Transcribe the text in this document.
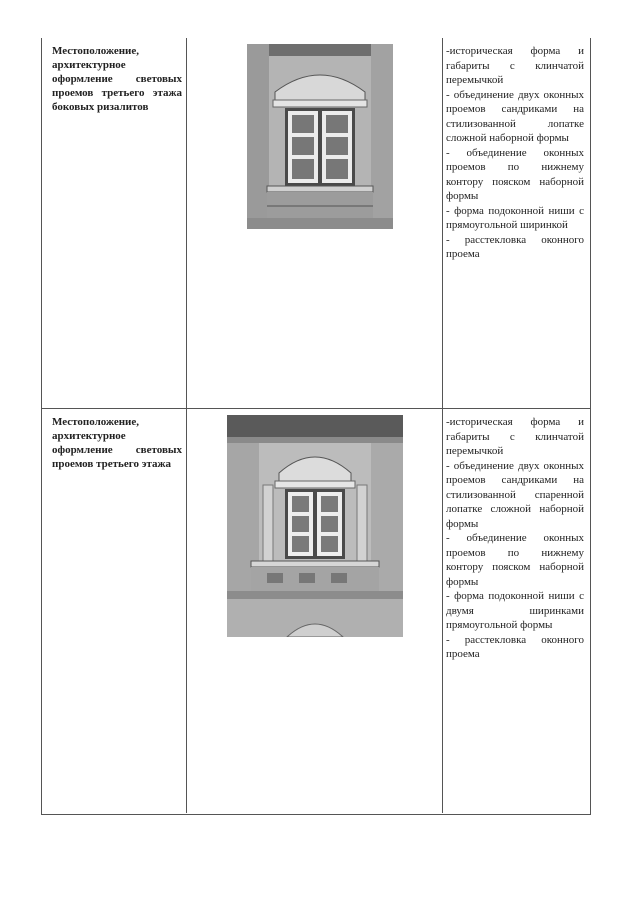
Местоположение, архитектурное оформление световых проемов третьего этажа боковых ризалитов

-историческая форма и габариты с клинчатой перемычкой

- объединение двух оконных проемов сандриками на стилизованной лопатке сложной наборной формы

- объединение оконных проемов по нижнему контору пояском наборной формы

- форма подоконной ниши с прямоугольной ширинкой

- расстекловка оконного проема

Местоположение, архитектурное оформление световых проемов третьего этажа

-историческая форма и габариты с клинчатой перемычкой

- объединение двух оконных проемов сандриками на стилизованной спаренной лопатке сложной наборной формы

- объединение оконных проемов по нижнему контору пояском наборной формы

- форма подоконной ниши с двумя ширинками прямоугольной формы

- расстекловка оконного проема
